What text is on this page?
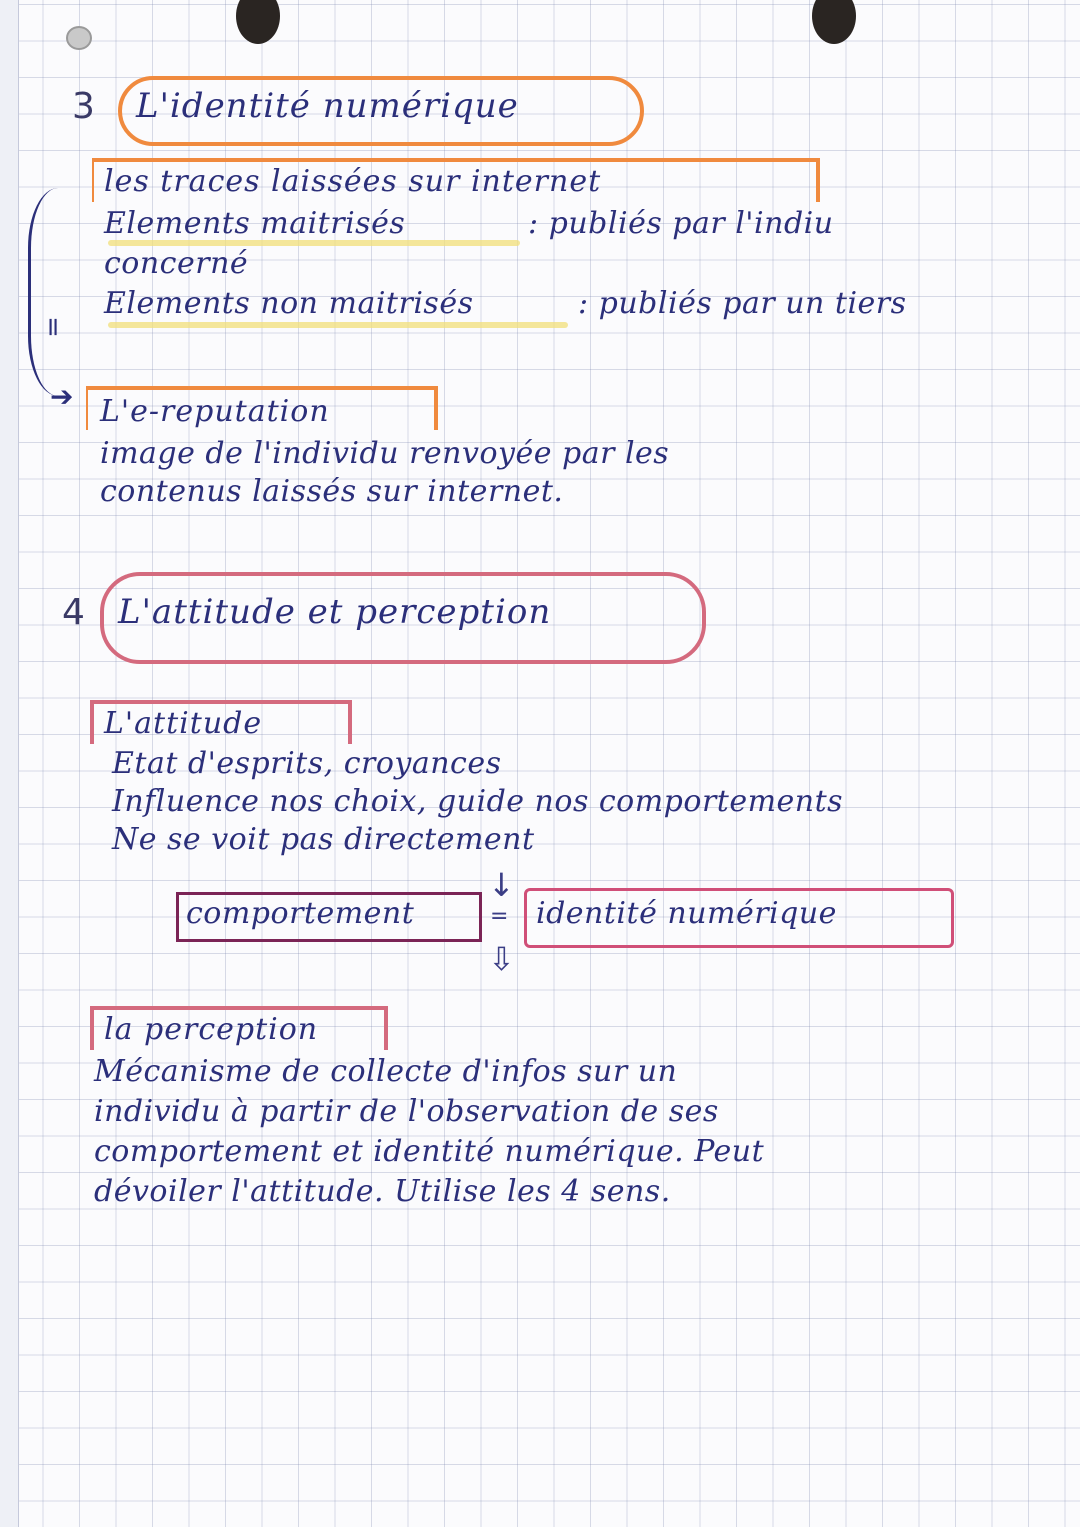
3 L'identité numérique
➔
=
les traces laissées sur internet
Elements maitrisés	: publiés par l'indiu
concerné
Elements non maitrisés	: publiés par un tiers
L'e-reputation
image de l'individu renvoyée par les
contenus laissés sur internet.
4 L'attitude et perception
L'attitude
Etat d'esprits, croyances
Influence nos choix, guide nos comportements
Ne se voit pas directement
comportement
↓
=
⇩
identité numérique
la perception
Mécanisme de collecte d'infos sur un
individu à partir de l'observation de ses
comportement et identité numérique. Peut
dévoiler l'attitude. Utilise les 4 sens.
